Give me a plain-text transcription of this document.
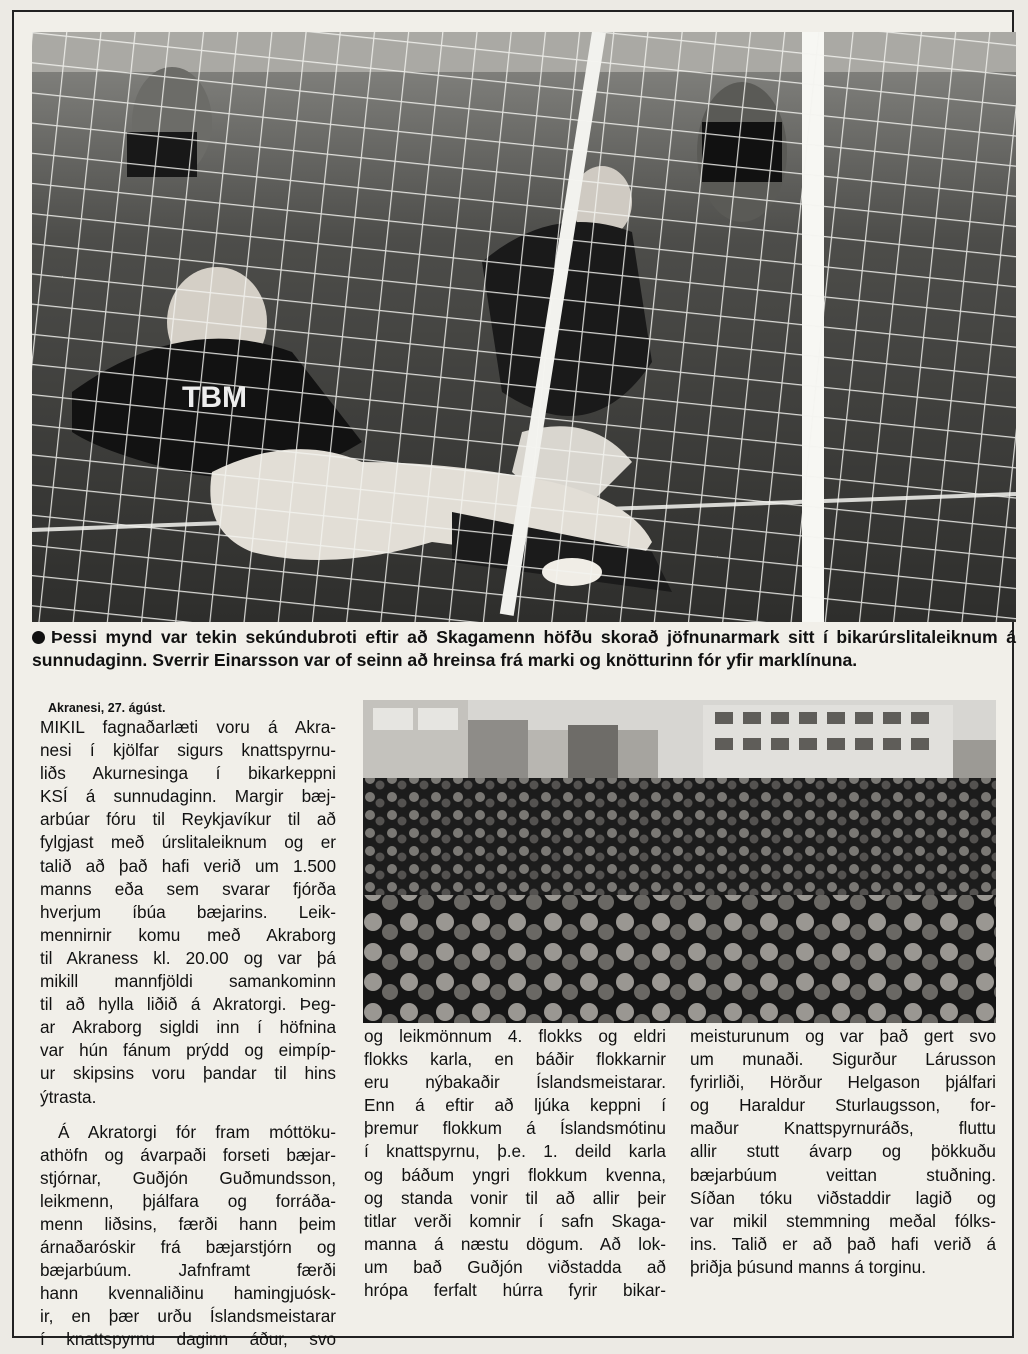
Þessi mynd var tekin sekúndubroti eftir að Skagamenn höfðu skorað jöfnunarmark sitt í bikarúrslitaleiknum á sunnudaginn. Sverrir Einarsson var of seinn að hreinsa frá marki og knötturinn fór yfir marklínuna.
Akranesi, 27. ágúst.
MIKIL fagnaðarlæti voru á Akra-
nesi í kjölfar sigurs knattspyrnu-
liðs Akurnesinga í bikarkeppni
KSÍ á sunnudaginn. Margir bæj-
arbúar fóru til Reykjavíkur til að
fylgjast með úrslitaleiknum og er
talið að það hafi verið um 1.500
manns eða sem svarar fjórða
hverjum íbúa bæjarins. Leik-
mennirnir komu með Akraborg
til Akraness kl. 20.00 og var þá
mikill mannfjöldi samankominn
til að hylla liðið á Akratorgi. Þeg-
ar Akraborg sigldi inn í höfnina
var hún fánum prýdd og eimpíp-
ur skipsins voru þandar til hins
ýtrasta.
Á Akratorgi fór fram móttöku-
athöfn og ávarpaði forseti bæjar-
stjórnar, Guðjón Guðmundsson,
leikmenn, þjálfara og forráða-
menn liðsins, færði hann þeim
árnaðaróskir frá bæjarstjórn og
bæjarbúum. Jafnframt færði
hann kvennaliðinu hamingjuósk-
ir, en þær urðu Íslandsmeistarar
í knattspyrnu daginn áður, svo
og leikmönnum 4. flokks og eldri
flokks karla, en báðir flokkarnir
eru nýbakaðir Íslandsmeistarar.
Enn á eftir að ljúka keppni í
þremur flokkum á Íslandsmótinu
í knattspyrnu, þ.e. 1. deild karla
og báðum yngri flokkum kvenna,
og standa vonir til að allir þeir
titlar verði komnir í safn Skaga-
manna á næstu dögum. Að lok-
um bað Guðjón viðstadda að
hrópa ferfalt húrra fyrir bikar-
meisturunum og var það gert svo
um munaði. Sigurður Lárusson
fyrirliði, Hörður Helgason þjálfari
og Haraldur Sturlaugsson, for-
maður Knattspyrnuráðs, fluttu
allir stutt ávarp og þökkuðu
bæjarbúum veittan stuðning.
Síðan tóku viðstaddir lagið og
var mikil stemmning meðal fólks-
ins. Talið er að það hafi verið á
þriðja þúsund manns á torginu.
